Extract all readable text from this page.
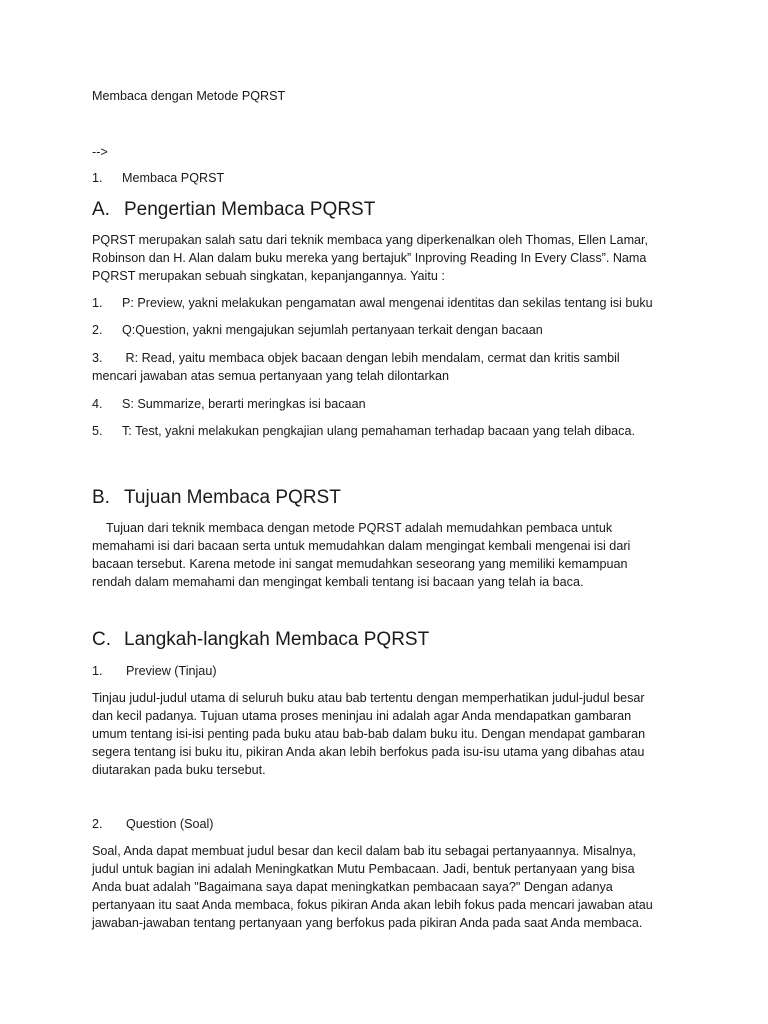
Membaca dengan Metode PQRST

-->

1. Membaca PQRST

A. Pengertian Membaca PQRST

PQRST merupakan salah satu dari teknik membaca yang diperkenalkan oleh Thomas, Ellen Lamar,

Robinson dan H. Alan dalam buku mereka yang bertajuk” Inproving Reading In Every Class”. Nama

PQRST merupakan sebuah singkatan, kepanjangannya. Yaitu :

1. P: Preview, yakni melakukan pengamatan awal mengenai identitas dan sekilas tentang isi buku

2. Q:Question, yakni mengajukan sejumlah pertanyaan terkait dengan bacaan

3. R: Read, yaitu membaca objek bacaan dengan lebih mendalam, cermat dan kritis sambil

mencari jawaban atas semua pertanyaan yang telah dilontarkan

4. S: Summarize, berarti meringkas isi bacaan

5. T: Test, yakni melakukan pengkajian ulang pemahaman terhadap bacaan yang telah dibaca.

B. Tujuan Membaca PQRST

Tujuan dari teknik membaca dengan metode PQRST adalah memudahkan pembaca untuk

memahami isi dari bacaan serta untuk memudahkan dalam mengingat kembali mengenai isi dari

bacaan tersebut. Karena metode ini sangat memudahkan seseorang yang memiliki kemampuan

rendah dalam memahami dan mengingat kembali tentang isi bacaan yang telah ia baca.

C. Langkah-langkah Membaca PQRST

1. Preview (Tinjau)

Tinjau judul-judul utama di seluruh buku atau bab tertentu dengan memperhatikan judul-judul besar

dan kecil padanya. Tujuan utama proses meninjau ini adalah agar Anda mendapatkan gambaran

umum tentang isi-isi penting pada buku atau bab-bab dalam buku itu. Dengan mendapat gambaran

segera tentang isi buku itu, pikiran Anda akan lebih berfokus pada isu-isu utama yang dibahas atau

diutarakan pada buku tersebut.

2. Question (Soal)

Soal, Anda dapat membuat judul besar dan kecil dalam bab itu sebagai pertanyaannya. Misalnya,

judul untuk bagian ini adalah Meningkatkan Mutu Pembacaan. Jadi, bentuk pertanyaan yang bisa

Anda buat adalah "Bagaimana saya dapat meningkatkan pembacaan saya?" Dengan adanya

pertanyaan itu saat Anda membaca, fokus pikiran Anda akan lebih fokus pada mencari jawaban atau

jawaban-jawaban tentang pertanyaan yang berfokus pada pikiran Anda pada saat Anda membaca.
